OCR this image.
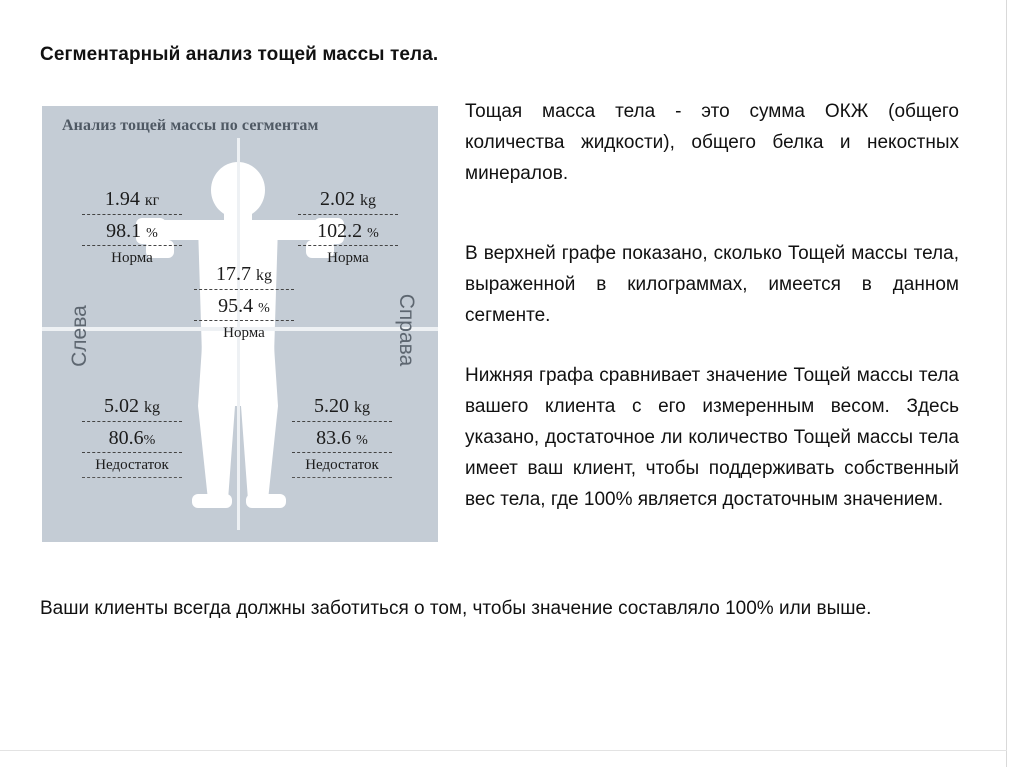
Сегментарный анализ тощей массы тела.
Анализ тощей массы по сегментам
Слева	Справа
1.94 кг
98.1 %
Норма
2.02 kg
102.2 %
Норма
17.7 kg
95.4 %
Норма
5.02 kg
80.6%
Недостаток
5.20 kg
83.6 %
Недостаток
Тощая масса тела - это сумма ОКЖ (общего количества жидкости), общего белка и некостных минералов.
В верхней графе показано, сколько Тощей массы тела, выраженной в килограммах, имеется в данном сегменте.
Нижняя графа сравнивает значение Тощей массы тела вашего клиента с его измеренным весом. Здесь указано, достаточное ли количество Тощей массы тела имеет ваш клиент, чтобы поддерживать собственный вес тела, где 100% является достаточным значением.
Ваши клиенты всегда должны заботиться о том, чтобы значение составляло 100% или выше.
